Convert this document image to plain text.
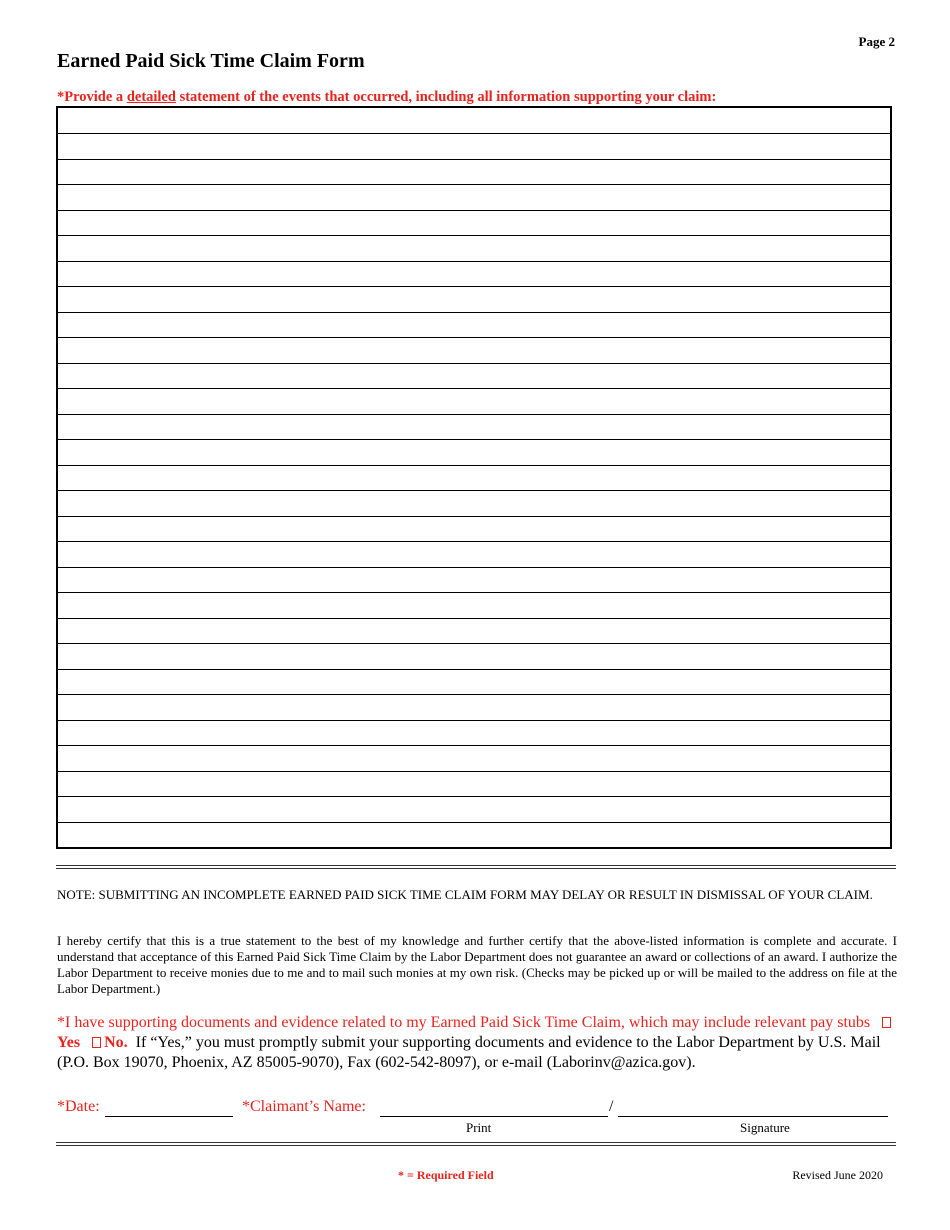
Page 2
Earned Paid Sick Time Claim Form
*Provide a detailed statement of the events that occurred, including all information supporting your claim:
NOTE: SUBMITTING AN INCOMPLETE EARNED PAID SICK TIME CLAIM FORM MAY DELAY OR RESULT IN DISMISSAL OF YOUR CLAIM.
I hereby certify that this is a true statement to the best of my knowledge and further certify that the above-listed information is complete and accurate. I understand that acceptance of this Earned Paid Sick Time Claim by the Labor Department does not guarantee an award or collections of an award. I authorize the Labor Department to receive monies due to me and to mail such monies at my own risk. (Checks may be picked up or will be mailed to the address on file at the Labor Department.)
*I have supporting documents and evidence related to my Earned Paid Sick Time Claim, which may include relevant pay stubs Yes No. If “Yes,” you must promptly submit your supporting documents and evidence to the Labor Department by U.S. Mail (P.O. Box 19070, Phoenix, AZ 85005-9070), Fax (602-542-8097), or e-mail (Laborinv@azica.gov).
*Date:	*Claimant’s Name:	/
Print	Signature
* = Required Field	Revised June 2020
